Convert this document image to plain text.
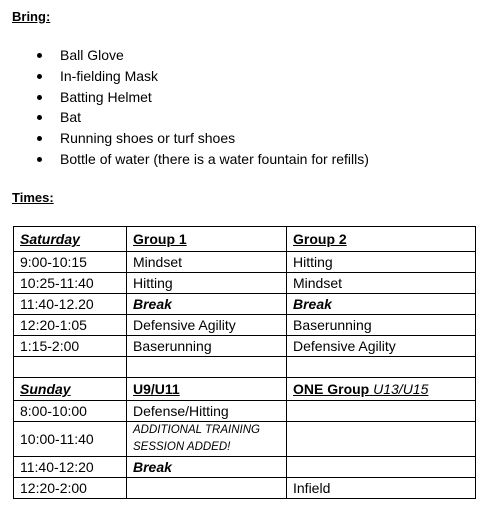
Bring:

Ball Glove
In-fielding Mask
Batting Helmet
Bat
Running shoes or turf shoes
Bottle of water (there is a water fountain for refills)

Times:

Saturday	Group 1	Group 2
9:00-10:15	Mindset	Hitting
10:25-11:40	Hitting	Mindset
11:40-12.20	Break	Break
12:20-1:05	Defensive Agility	Baserunning
1:15-2:00	Baserunning	Defensive Agility

Sunday	U9/U11	ONE Group U13/U15
8:00-10:00	Defense/Hitting	
10:00-11:40	ADDITIONAL TRAINING SESSION ADDED!	

11:40-12:20	Break	
12:20-2:00		Infield
